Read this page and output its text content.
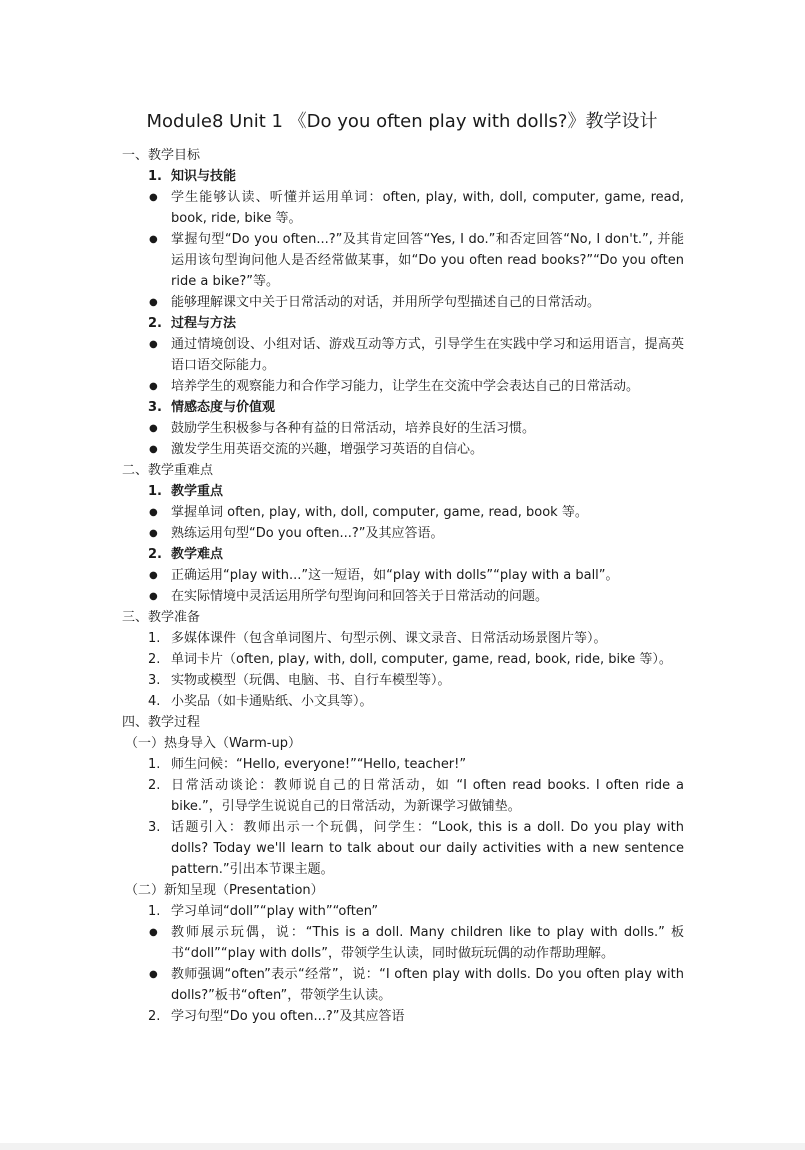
Module8 Unit 1 《Do you often play with dolls?》教学设计
一、教学目标
1. 知识与技能
●	学生能够认读、听懂并运用单词：often, play, with, doll, computer, game, read, book, ride, bike 等。
●	掌握句型“Do you often...?”及其肯定回答“Yes, I do.”和否定回答“No, I don't.”, 并能运用该句型询问他人是否经常做某事，如“Do you often read books?”“Do you often ride a bike?”等。
●	能够理解课文中关于日常活动的对话，并用所学句型描述自己的日常活动。
2. 过程与方法
●	通过情境创设、小组对话、游戏互动等方式，引导学生在实践中学习和运用语言，提高英语口语交际能力。
●	培养学生的观察能力和合作学习能力，让学生在交流中学会表达自己的日常活动。
3. 情感态度与价值观
●	鼓励学生积极参与各种有益的日常活动，培养良好的生活习惯。
●	激发学生用英语交流的兴趣，增强学习英语的自信心。
二、教学重难点
1. 教学重点
●	掌握单词 often, play, with, doll, computer, game, read, book 等。
●	熟练运用句型“Do you often...?”及其应答语。
2. 教学难点
●	正确运用“play with...”这一短语，如“play with dolls”“play with a ball”。
●	在实际情境中灵活运用所学句型询问和回答关于日常活动的问题。
三、教学准备
1. 多媒体课件（包含单词图片、句型示例、课文录音、日常活动场景图片等）。
2. 单词卡片（often, play, with, doll, computer, game, read, book, ride, bike 等）。
3. 实物或模型（玩偶、电脑、书、自行车模型等）。
4. 小奖品（如卡通贴纸、小文具等）。
四、教学过程
（一）热身导入（Warm-up）
1. 师生问候：“Hello, everyone!”“Hello, teacher!”
2. 日常活动谈论：教师说自己的日常活动，如 “I often read books. I often ride a bike.”，引导学生说说自己的日常活动，为新课学习做铺垫。
3. 话题引入：教师出示一个玩偶，问学生：“Look, this is a doll. Do you play with dolls? Today we'll learn to talk about our daily activities with a new sentence pattern.”引出本节课主题。
（二）新知呈现（Presentation）
1. 学习单词“doll”“play with”“often”
●	教师展示玩偶，说：“This is a doll. Many children like to play with dolls.” 板书“doll”“play with dolls”，带领学生认读，同时做玩玩偶的动作帮助理解。
●	教师强调“often”表示“经常”，说：“I often play with dolls. Do you often play with dolls?”板书“often”，带领学生认读。
2. 学习句型“Do you often...?”及其应答语
